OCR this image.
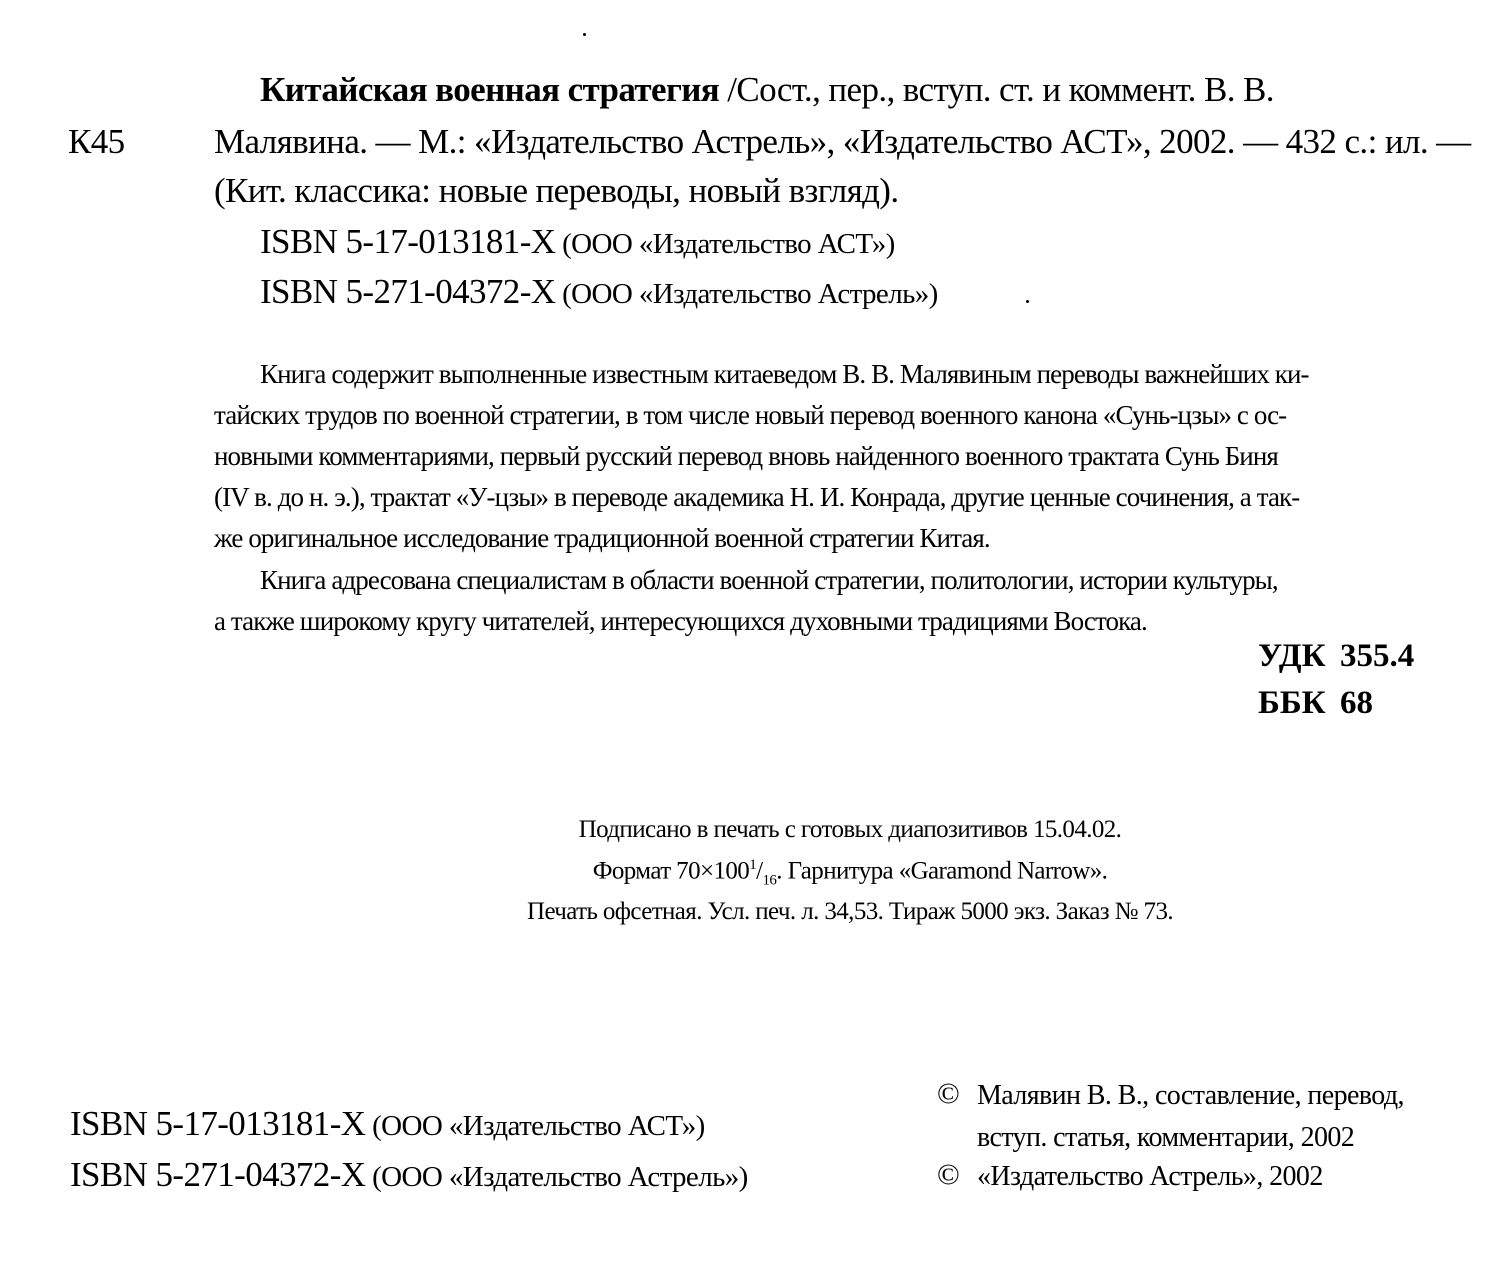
К45
Китайская военная стратегия /Сост., пер., вступ. ст. и коммент. В. В.
Малявина. — М.: «Издательство Астрель», «Издательство АСТ», 2002. — 432 с.: ил. —
(Кит. классика: новые переводы, новый взгляд).
ISBN 5-17-013181-X (ООО «Издательство АСТ»)
ISBN 5-271-04372-X (ООО «Издательство Астрель»)
Книга содержит выполненные известным китаеведом В. В. Малявиным переводы важнейших ки-
тайских трудов по военной стратегии, в том числе новый перевод военного канона «Сунь-цзы» с ос-
новными комментариями, первый русский перевод вновь найденного военного трактата Сунь Биня
(IV в. до н. э.), трактат «У-цзы» в переводе академика Н. И. Конрада, другие ценные сочинения, а так-
же оригинальное исследование традиционной военной стратегии Китая.
Книга адресована специалистам в области военной стратегии, политологии, истории культуры,
а также широкому кругу читателей, интересующихся духовными традициями Востока.
УДК 355.4
ББК 68
Подписано в печать с готовых диапозитивов 15.04.02.
Формат $70\times 100^1/_{16}$. Гарнитура «Garamond Narrow».
Печать офсетная. Усл. печ. л. 34,53. Тираж 5000 экз. Заказ № 73.
ISBN 5-17-013181-X (ООО «Издательство АСТ»)
ISBN 5-271-04372-X (ООО «Издательство Астрель»)
© Малявин В. В., составление, перевод,
вступ. статья, комментарии, 2002
© «Издательство Астрель», 2002
